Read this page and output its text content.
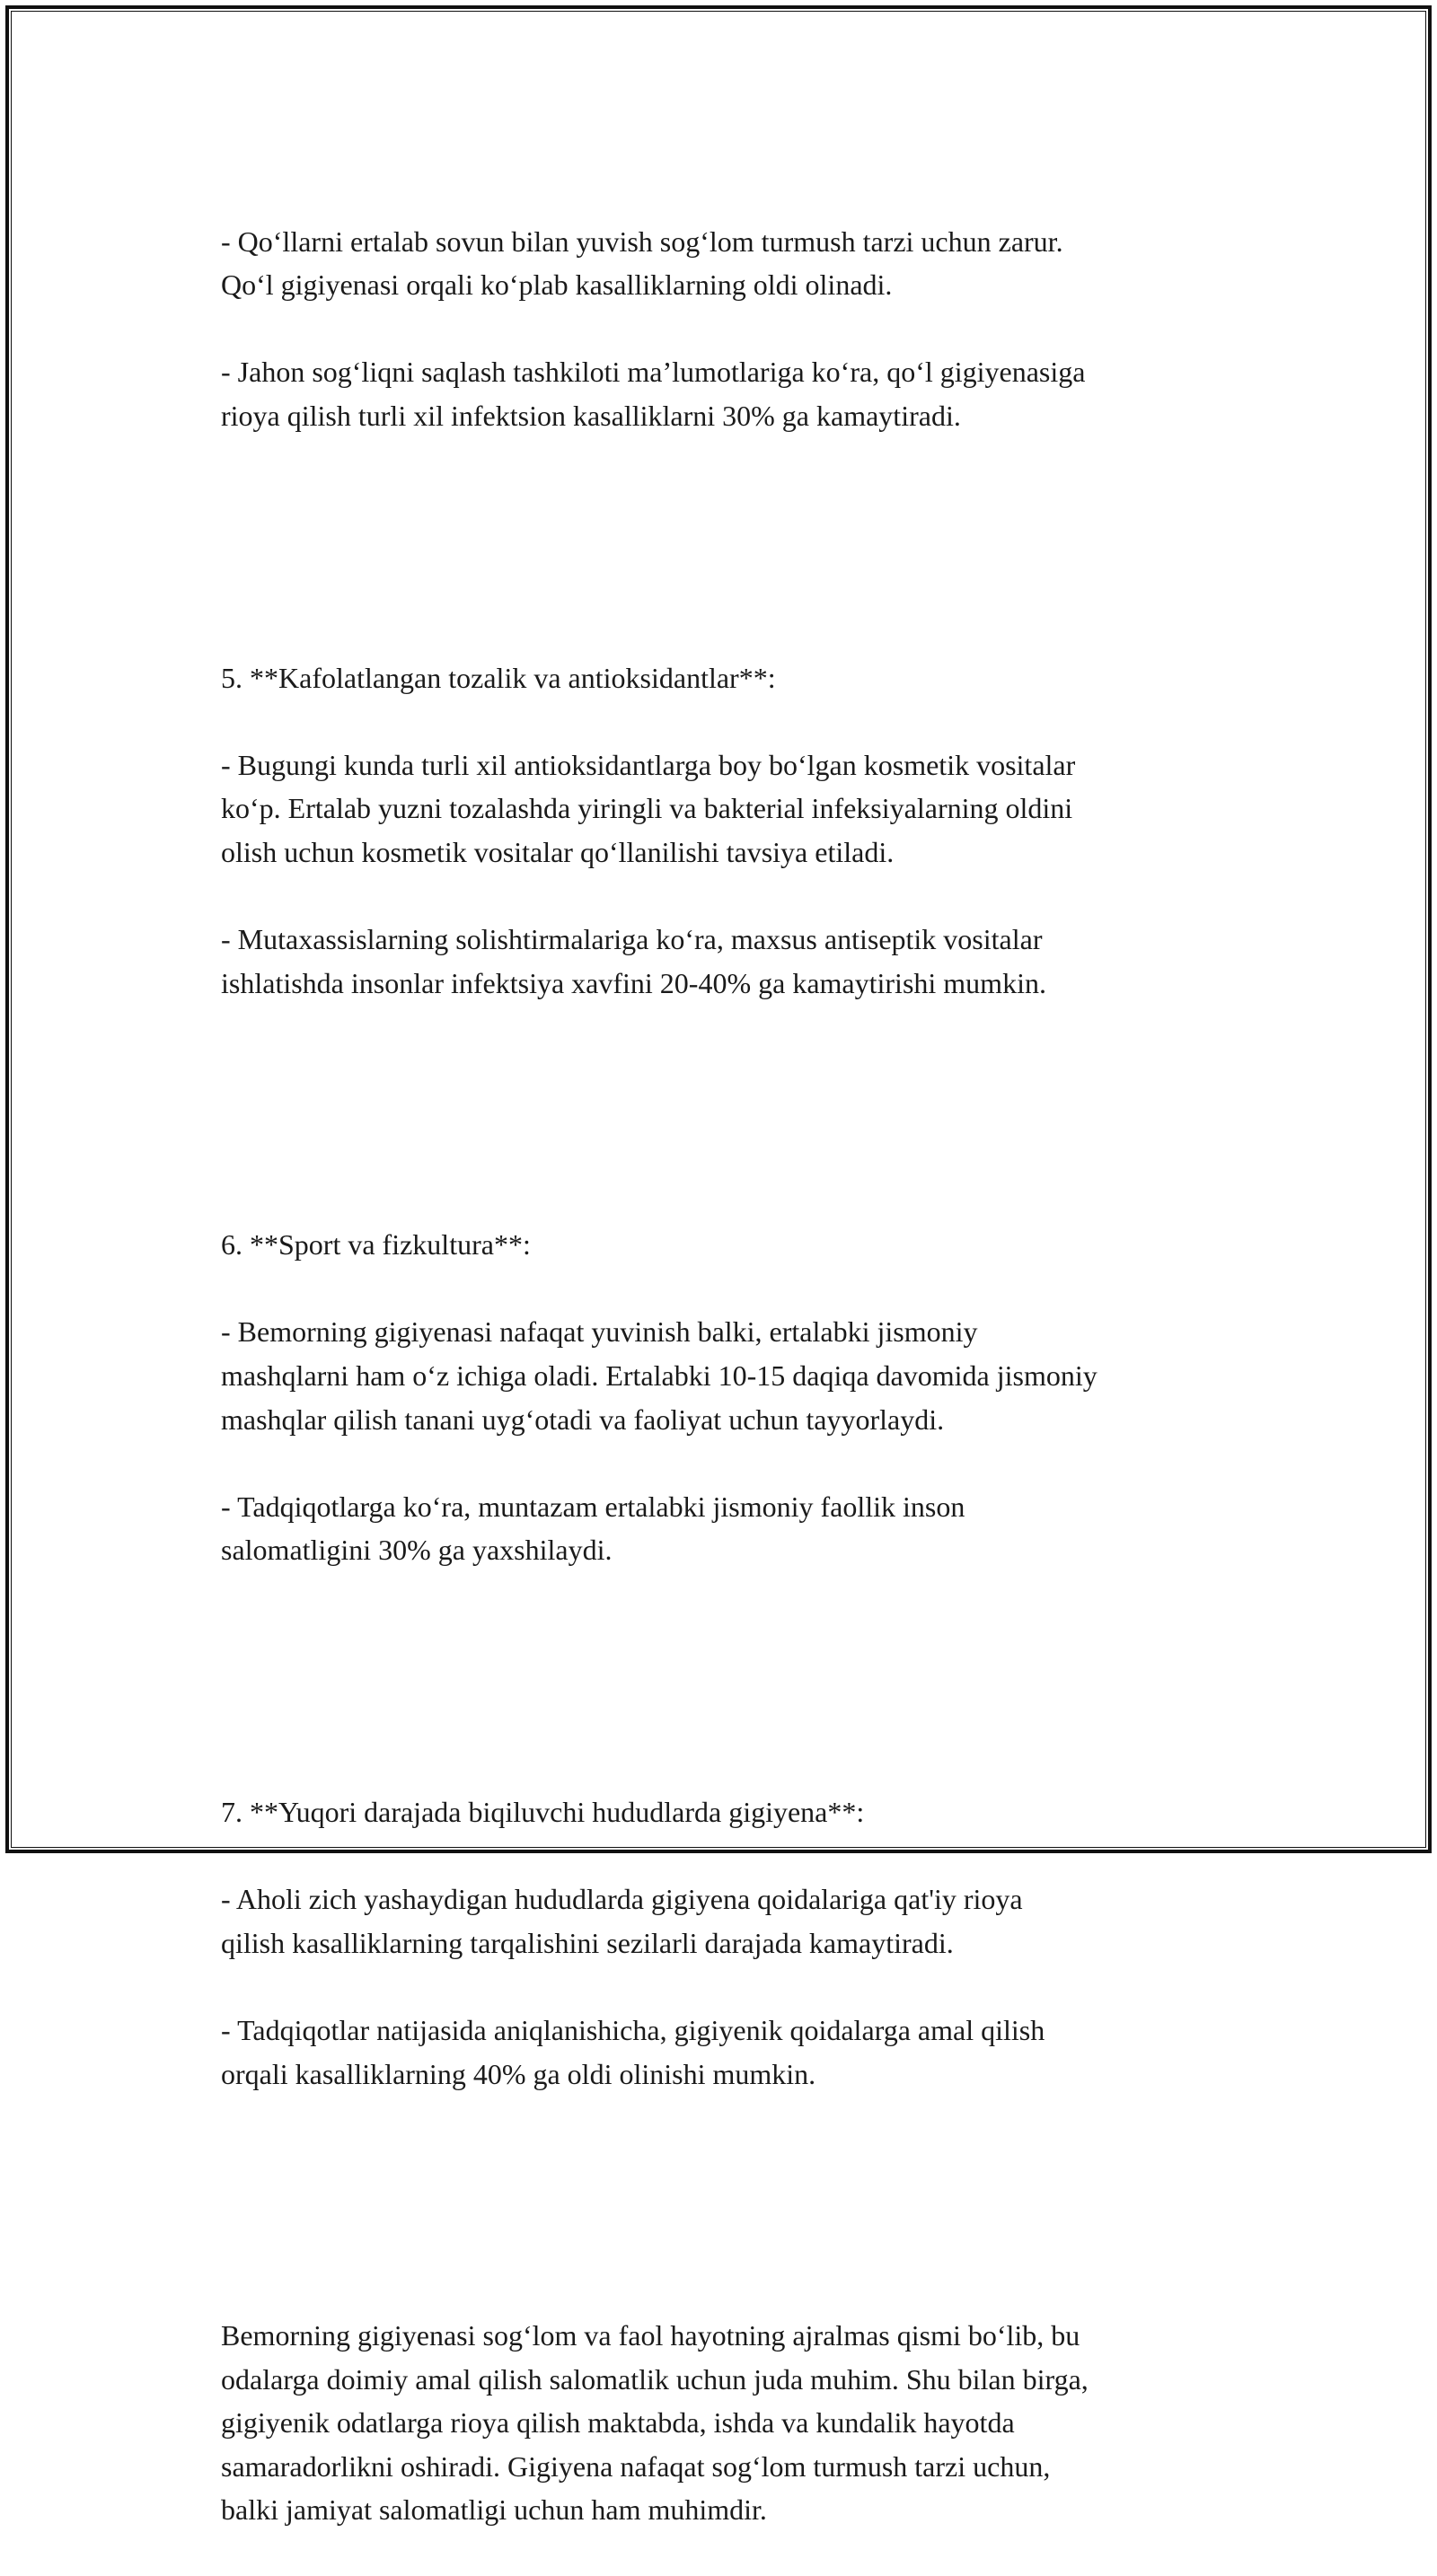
- Qo‘llarni ertalab sovun bilan yuvish sog‘lom turmush tarzi uchun zarur.
Qo‘l gigiyenasi orqali ko‘plab kasalliklarning oldi olinadi.

- Jahon sog‘liqni saqlash tashkiloti ma’lumotlariga ko‘ra, qo‘l gigiyenasiga
rioya qilish turli xil infektsion kasalliklarni 30% ga kamaytiradi.

5. **Kafolatlangan tozalik va antioksidantlar**:

- Bugungi kunda turli xil antioksidantlarga boy bo‘lgan kosmetik vositalar
ko‘p. Ertalab yuzni tozalashda yiringli va bakterial infeksiyalarning oldini
olish uchun kosmetik vositalar qo‘llanilishi tavsiya etiladi.

- Mutaxassislarning solishtirmalariga ko‘ra, maxsus antiseptik vositalar
ishlatishda insonlar infektsiya xavfini 20-40% ga kamaytirishi mumkin.

6. **Sport va fizkultura**:

- Bemorning gigiyenasi nafaqat yuvinish balki, ertalabki jismoniy
mashqlarni ham o‘z ichiga oladi. Ertalabki 10-15 daqiqa davomida jismoniy
mashqlar qilish tanani uyg‘otadi va faoliyat uchun tayyorlaydi.

- Tadqiqotlarga ko‘ra, muntazam ertalabki jismoniy faollik inson
salomatligini 30% ga yaxshilaydi.

7. **Yuqori darajada biqiluvchi hududlarda gigiyena**:

- Aholi zich yashaydigan hududlarda gigiyena qoidalariga qat'iy rioya
qilish kasalliklarning tarqalishini sezilarli darajada kamaytiradi.

- Tadqiqotlar natijasida aniqlanishicha, gigiyenik qoidalarga amal qilish
orqali kasalliklarning 40% ga oldi olinishi mumkin.

Bemorning gigiyenasi sog‘lom va faol hayotning ajralmas qismi bo‘lib, bu
odalarga doimiy amal qilish salomatlik uchun juda muhim. Shu bilan birga,
gigiyenik odatlarga rioya qilish maktabda, ishda va kundalik hayotda
samaradorlikni oshiradi. Gigiyena nafaqat sog‘lom turmush tarzi uchun,
balki jamiyat salomatligi uchun ham muhimdir.
